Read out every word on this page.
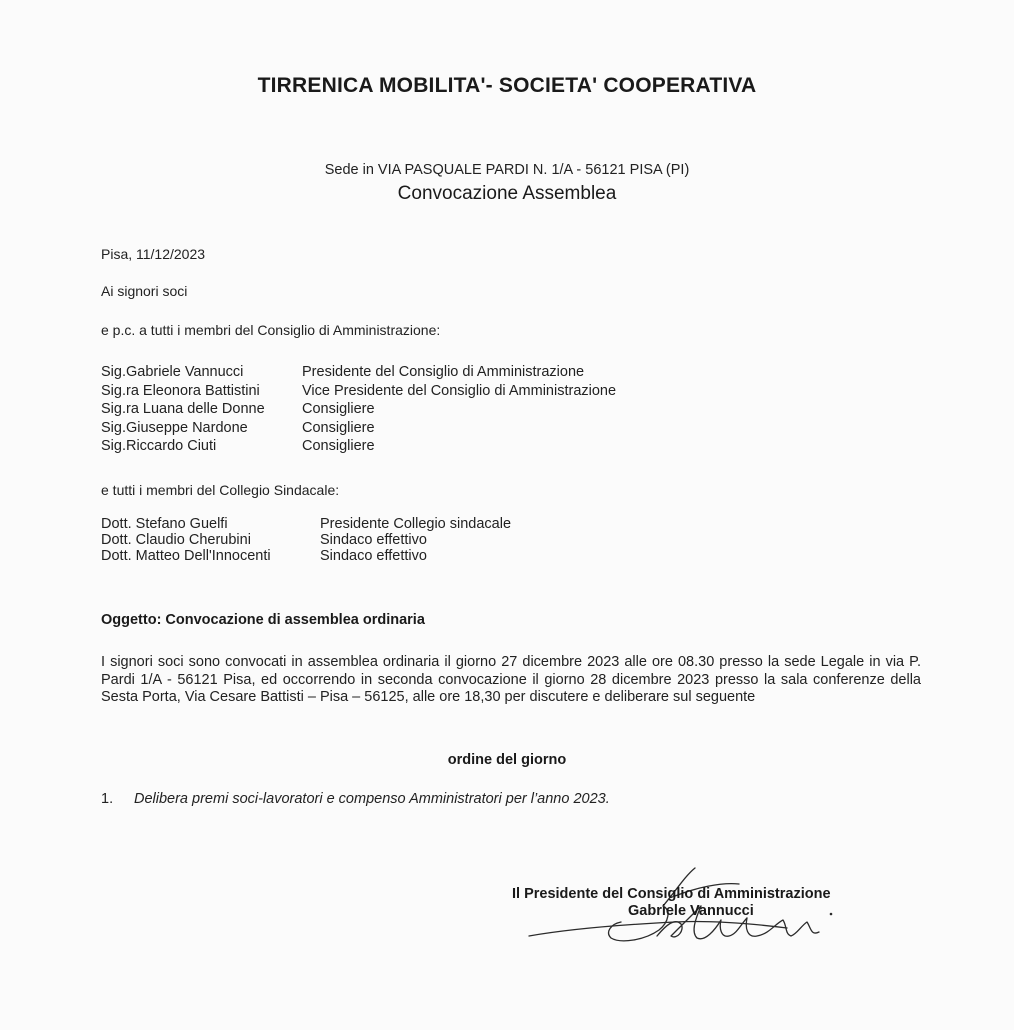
TIRRENICA MOBILITA'- SOCIETA' COOPERATIVA
Sede in VIA PASQUALE PARDI N. 1/A - 56121 PISA (PI)
Convocazione Assemblea
Pisa, 11/12/2023
Ai signori soci
e p.c. a tutti i membri del Consiglio di Amministrazione:
Sig.Gabriele Vannucci	Presidente del Consiglio di Amministrazione
Sig.ra Eleonora Battistini	Vice Presidente del Consiglio di Amministrazione
Sig.ra Luana delle Donne	Consigliere
Sig.Giuseppe Nardone	Consigliere
Sig.Riccardo Ciuti	Consigliere
e tutti i membri del Collegio Sindacale:
Dott. Stefano Guelfi	Presidente Collegio sindacale
Dott. Claudio Cherubini	Sindaco effettivo
Dott. Matteo Dell'Innocenti	Sindaco effettivo
Oggetto: Convocazione di assemblea ordinaria
I signori soci sono convocati in assemblea ordinaria il giorno 27 dicembre 2023 alle ore 08.30 presso la sede Legale in via P. Pardi 1/A - 56121 Pisa, ed occorrendo in seconda convocazione il giorno 28 dicembre 2023 presso la sala conferenze della Sesta Porta, Via Cesare Battisti – Pisa – 56125, alle ore 18,30 per discutere e deliberare sul seguente
ordine del giorno
1. Delibera premi soci-lavoratori e compenso Amministratori per l’anno 2023.
Il Presidente del Consiglio di Amministrazione
Gabriele Vannucci
